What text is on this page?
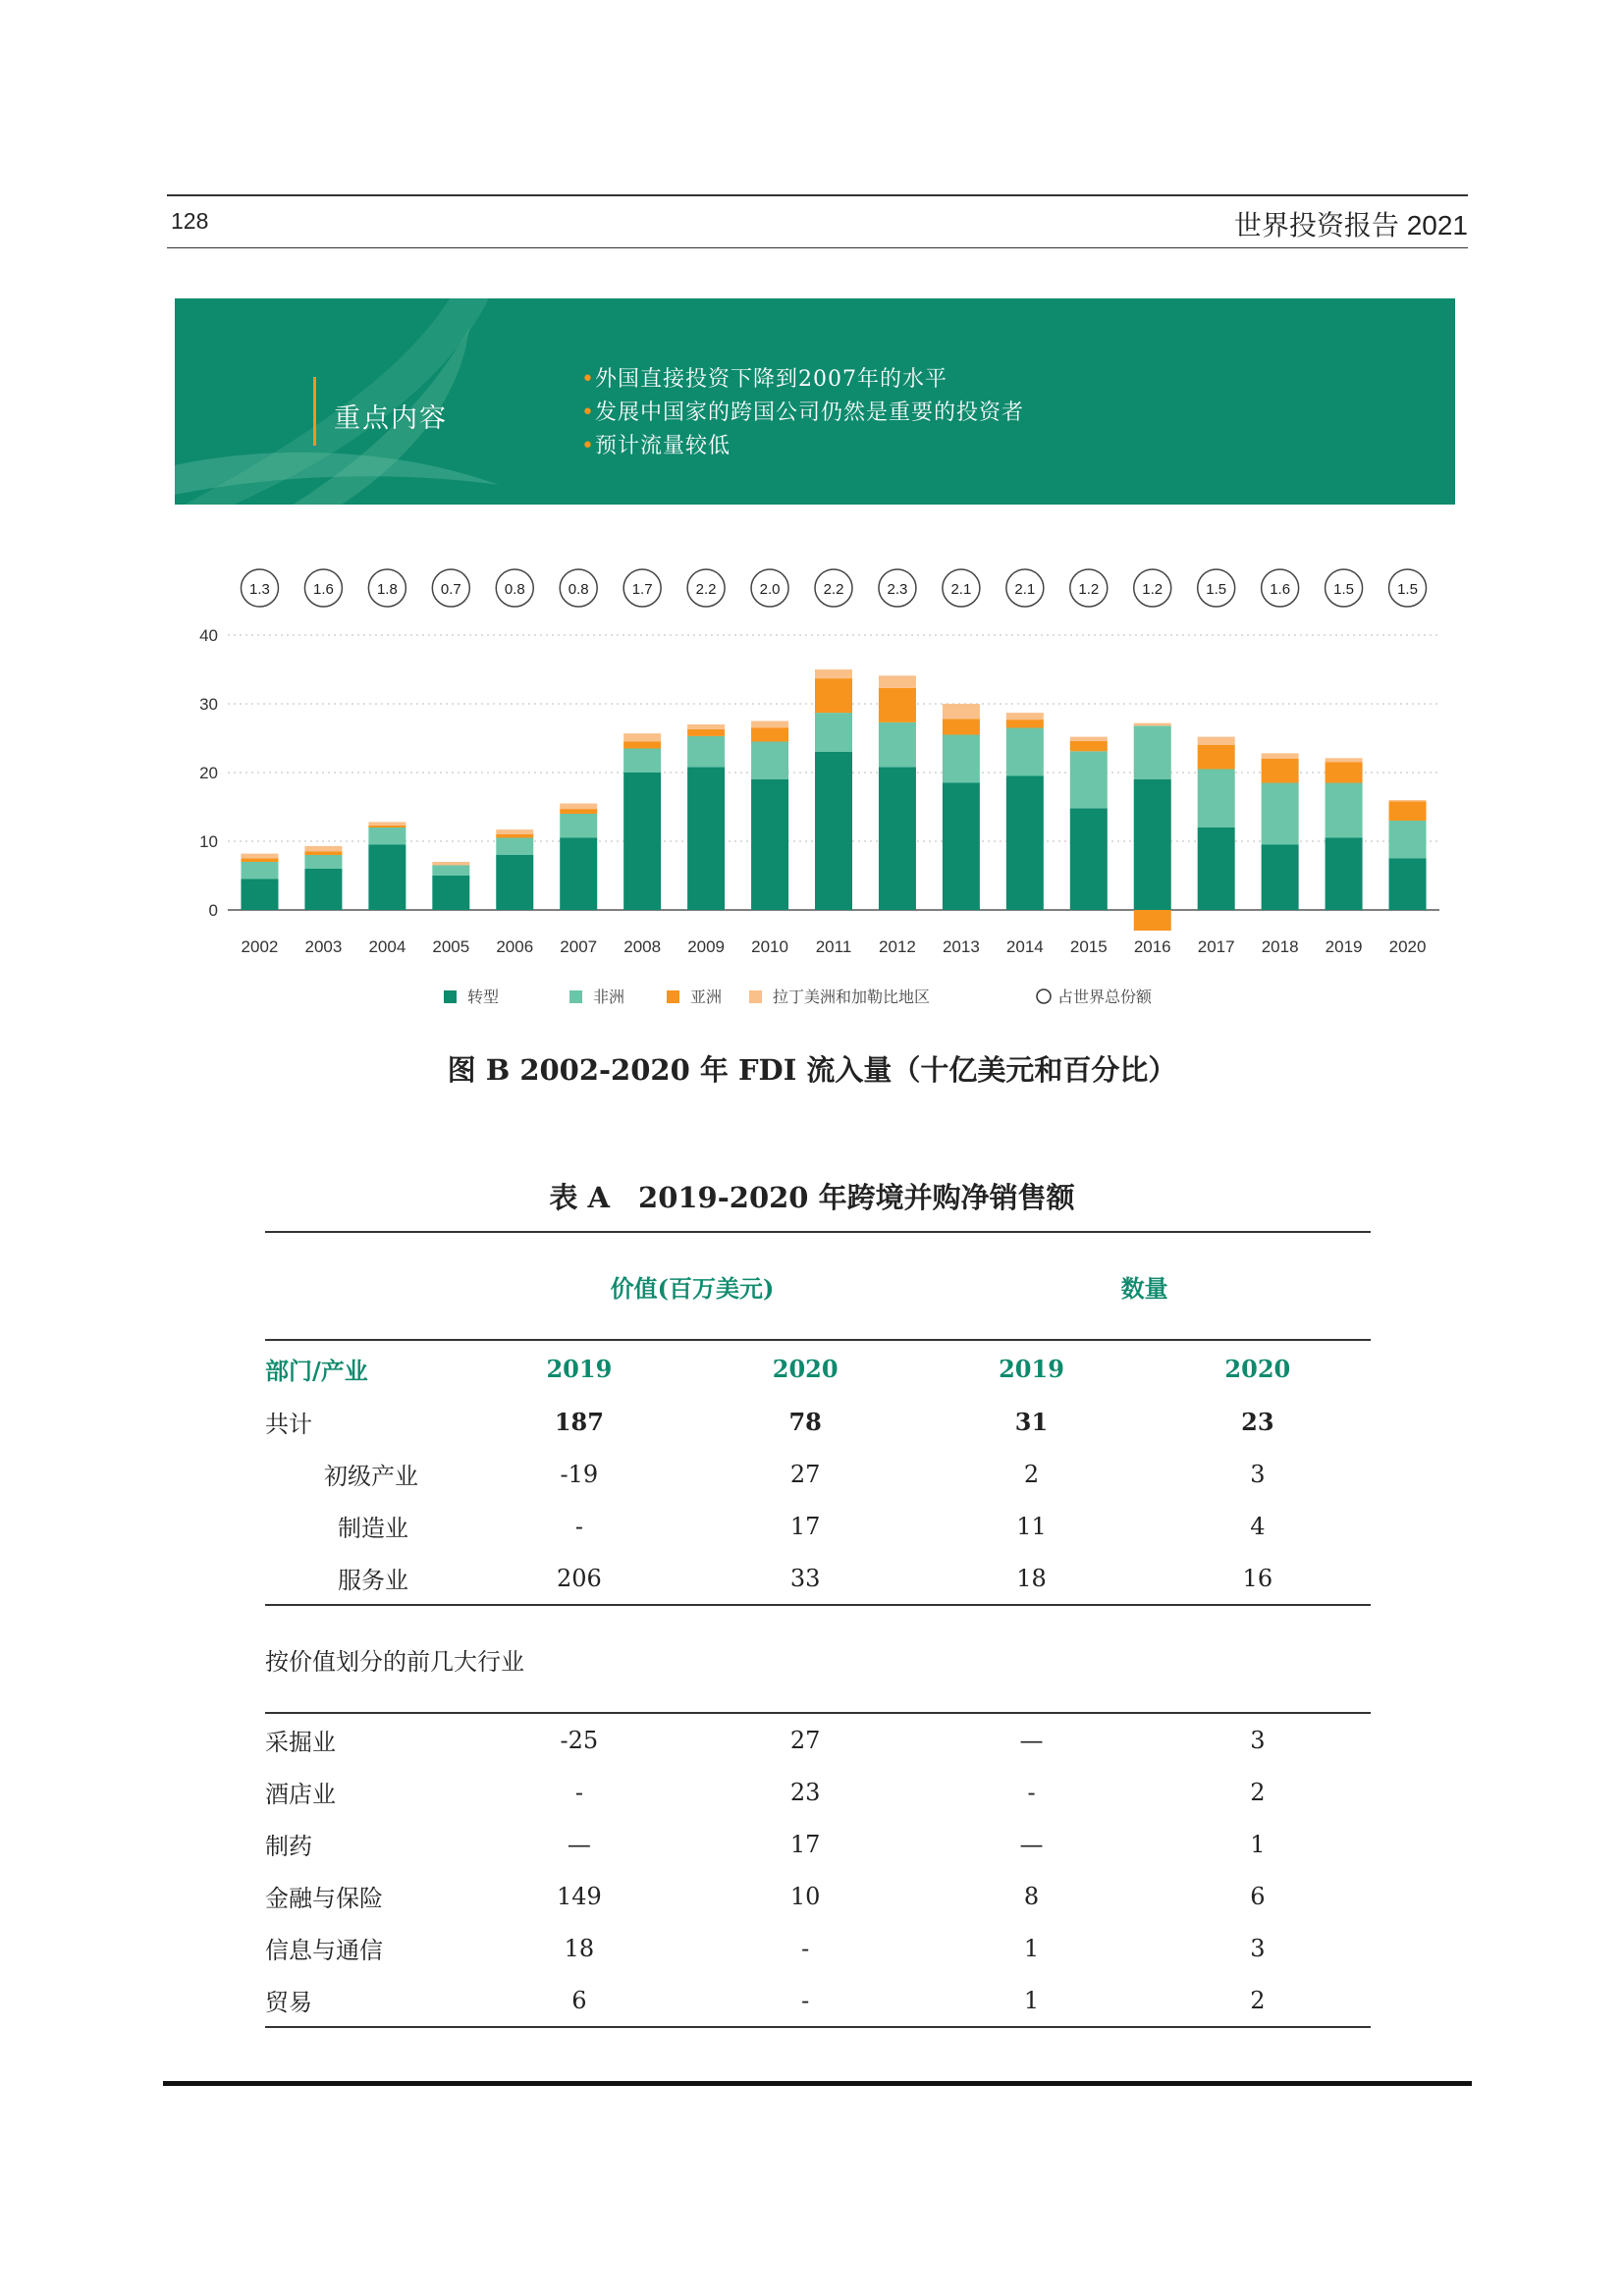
128	世界投资报告 2021
重点内容
•外国直接投资下降到2007年的水平
•发展中国家的跨国公司仍然是重要的投资者
•预计流量较低
0
10
20
30
40
2002
1.3
2003
1.6
2004
1.8
2005
0.7
2006
0.8
2007
0.8
2008
1.7
2009
2.2
2010
2.0
2011
2.2
2012
2.3
2013
2.1
2014
2.1
2015
1.2
2016
1.2
2017
1.5
2018
1.6
2019
1.5
2020
1.5
转型	非洲	亚洲	拉丁美洲和加勒比地区	占世界总份额
图 B 2002-2020 年 FDI 流入量（十亿美元和百分比）
表 A　2019-2020 年跨境并购净销售额
	价值(百万美元)		数量	
部门/产业	2019	2020	2019	2020
共计	187	78	31	23
初级产业	-19	27	2	3
制造业	-	17	11	4
服务业	206	33	18	16
按价值划分的前几大行业				
采掘业	-25	27	—	3
酒店业	-	23	-	2
制药	—	17	—	1
金融与保险	149	10	8	6
信息与通信	18	-	1	3
贸易	6	-	1	2
